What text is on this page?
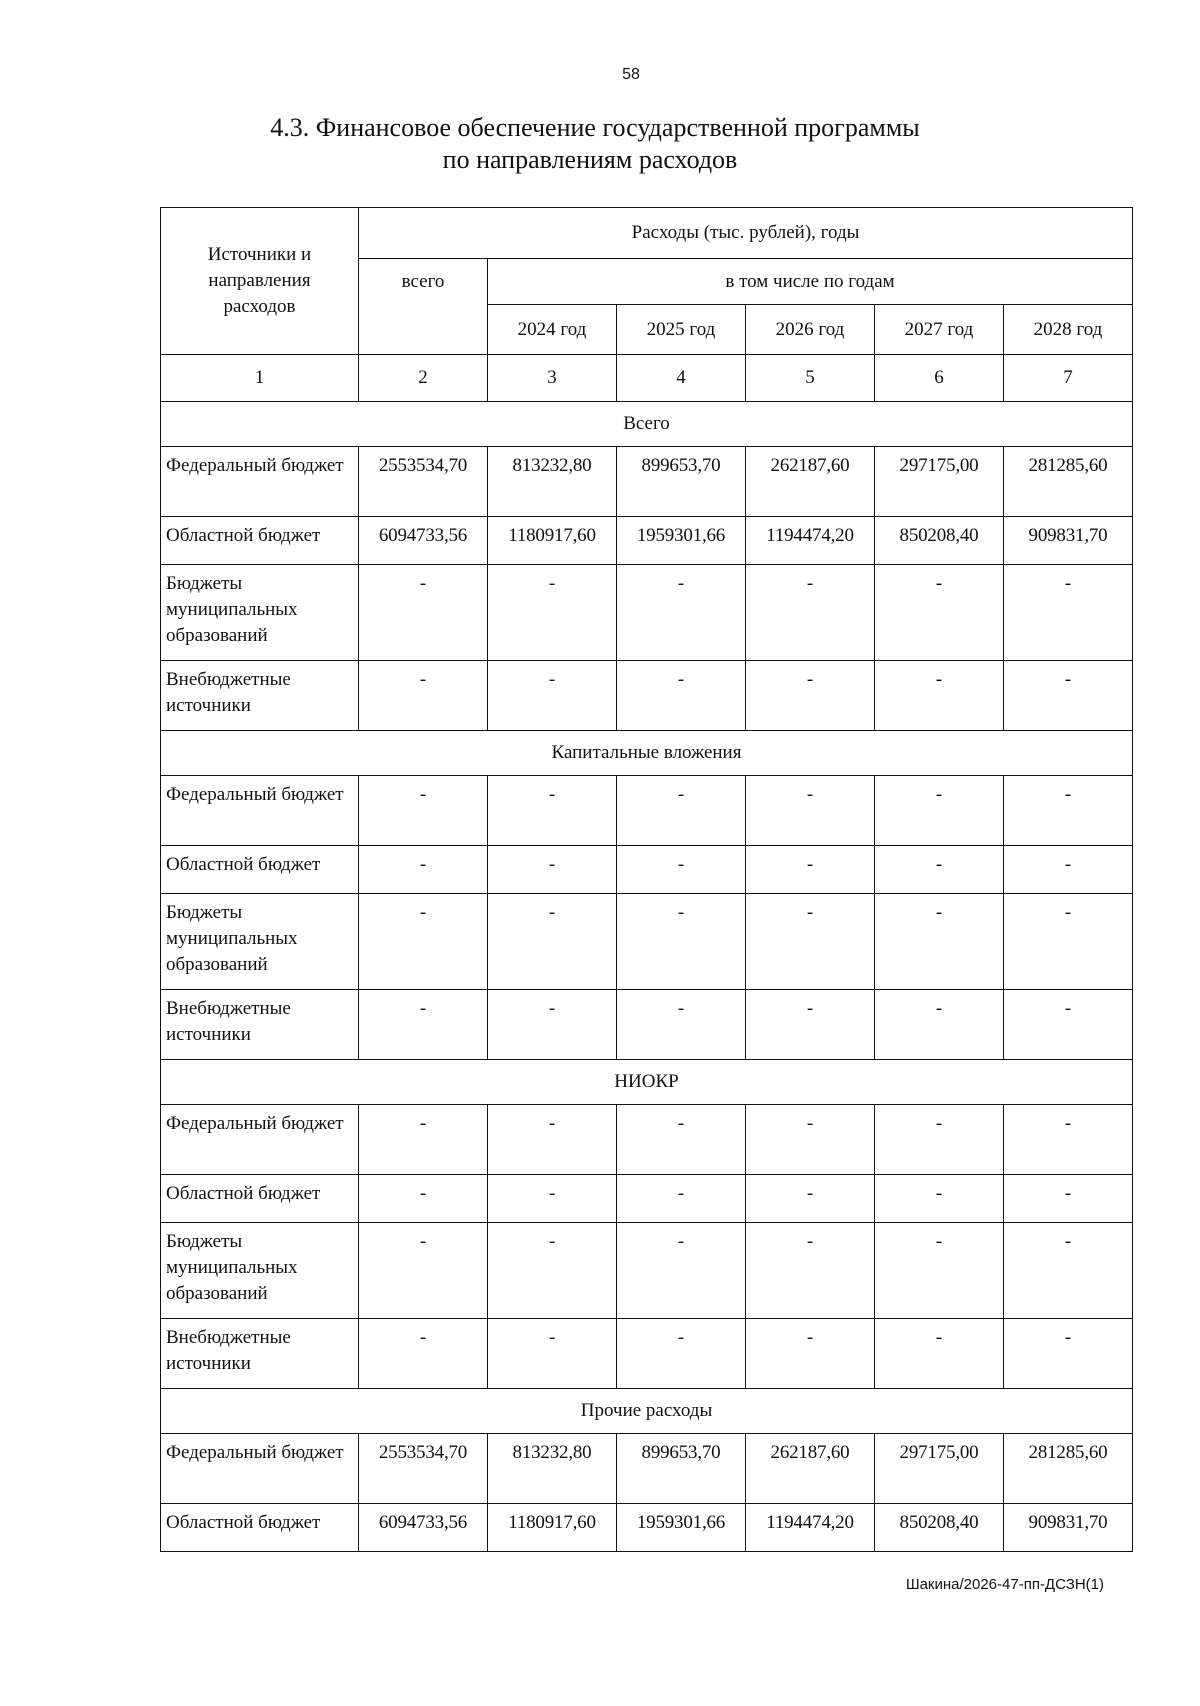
58
4.3. Финансовое обеспечение государственной программы
по направлениям расходов
Источники и направления расходов	Расходы (тыс. рублей), годы					
	всего	в том числе по годам				
		2024 год	2025 год	2026 год	2027 год	2028 год
1	2	3	4	5	6	7
Всего						
Федеральный бюджет	2553534,70	813232,80	899653,70	262187,60	297175,00	281285,60
Областной бюджет	6094733,56	1180917,60	1959301,66	1194474,20	850208,40	909831,70
Бюджеты муниципальных образований	-	-	-	-	-	-
Внебюджетные источники	-	-	-	-	-	-
Капитальные вложения						
Федеральный бюджет	-	-	-	-	-	-
Областной бюджет	-	-	-	-	-	-
Бюджеты муниципальных образований	-	-	-	-	-	-
Внебюджетные источники	-	-	-	-	-	-
НИОКР						
Федеральный бюджет	-	-	-	-	-	-
Областной бюджет	-	-	-	-	-	-
Бюджеты муниципальных образований	-	-	-	-	-	-
Внебюджетные источники	-	-	-	-	-	-
Прочие расходы						
Федеральный бюджет	2553534,70	813232,80	899653,70	262187,60	297175,00	281285,60
Областной бюджет	6094733,56	1180917,60	1959301,66	1194474,20	850208,40	909831,70
Шакина/2026-47-пп-ДСЗН(1)
